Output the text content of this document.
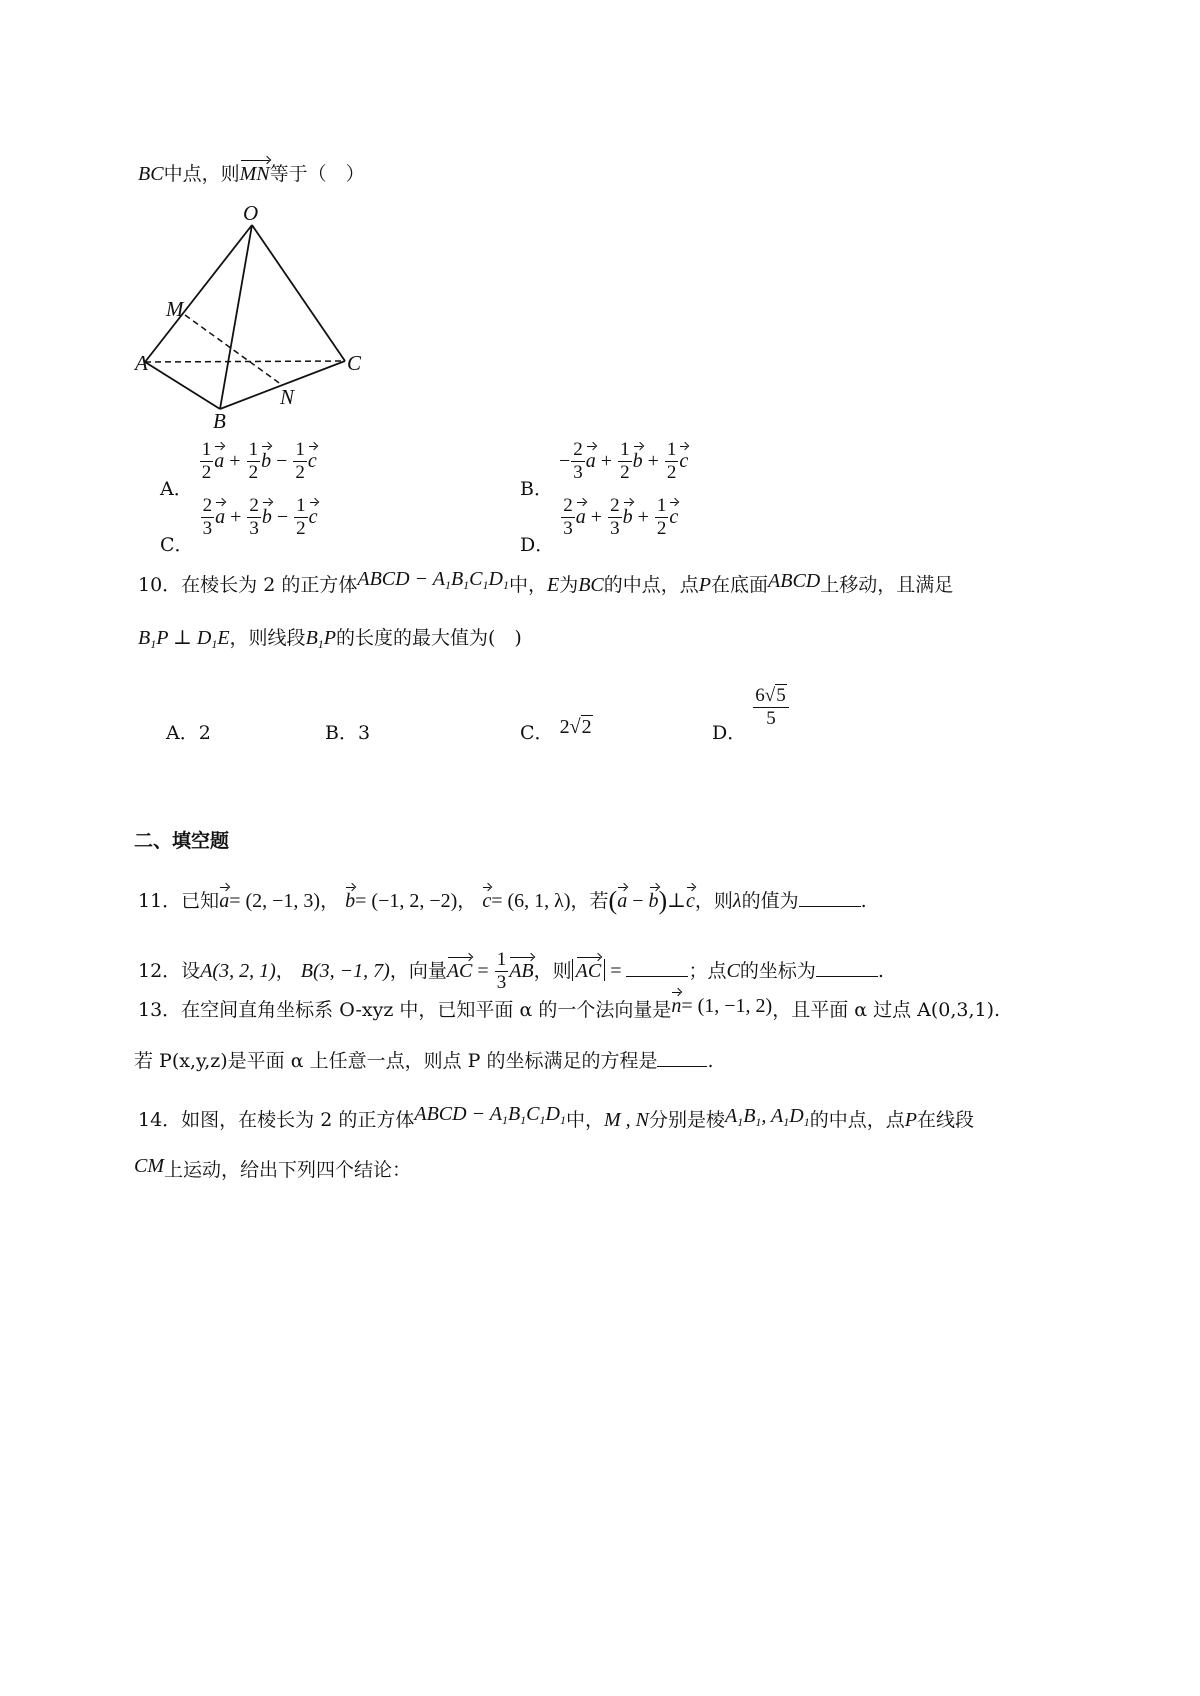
BC中点，则MN等于（　）
O
M
A	C
N
B
A．
$\frac{1}{2}$ $a + \frac{1}{2}$ $b - \frac{1}{2}$ c
B． − $\frac{2}{3}$ $a + \frac{1}{2}$ $b + \frac{1}{2}$ c
C．
$\frac{2}{3}$ $a + \frac{2}{3}$ $b - \frac{1}{2}$ c
D．
$\frac{2}{3}$ $a + \frac{2}{3}$ $b + \frac{1}{2}$ c
10．在棱长为 2 的正方体ABCD − $A_1B_1C_1D_1$中，E为BC的中点，点P在底面ABCD上移动，且满足
$B_1P$ ⊥ $D_1E$，则线段$B_1P$的长度的最大值为(　)
A．2	B．3	C． 2√2	D．
$\frac{6√5}{5}$
二、填空题
11．已知a= (2, −1, 3)， b= (−1, 2, −2)， c= (6, 1, λ)，若(a − b)⊥c，则λ的值为	.
12．设A(3, 2, 1)， B(3, −1, 7)，向量AC = $\frac{1}{3}$ AB，则 AC =	；点C的坐标为	.
13．在空间直角坐标系 O-xyz 中，已知平面 α 的一个法向量是n= (1, −1, 2)，且平面 α 过点 A(0,3,1).
若 P(x,y,z)是平面 α 上任意一点，则点 P 的坐标满足的方程是	.
14．如图，在棱长为 2 的正方体ABCD − $A_1B_1C_1D_1$中，M , N分别是棱$A_1B_1$, $A_1D_1$的中点，点P在线段
CM上运动，给出下列四个结论：
